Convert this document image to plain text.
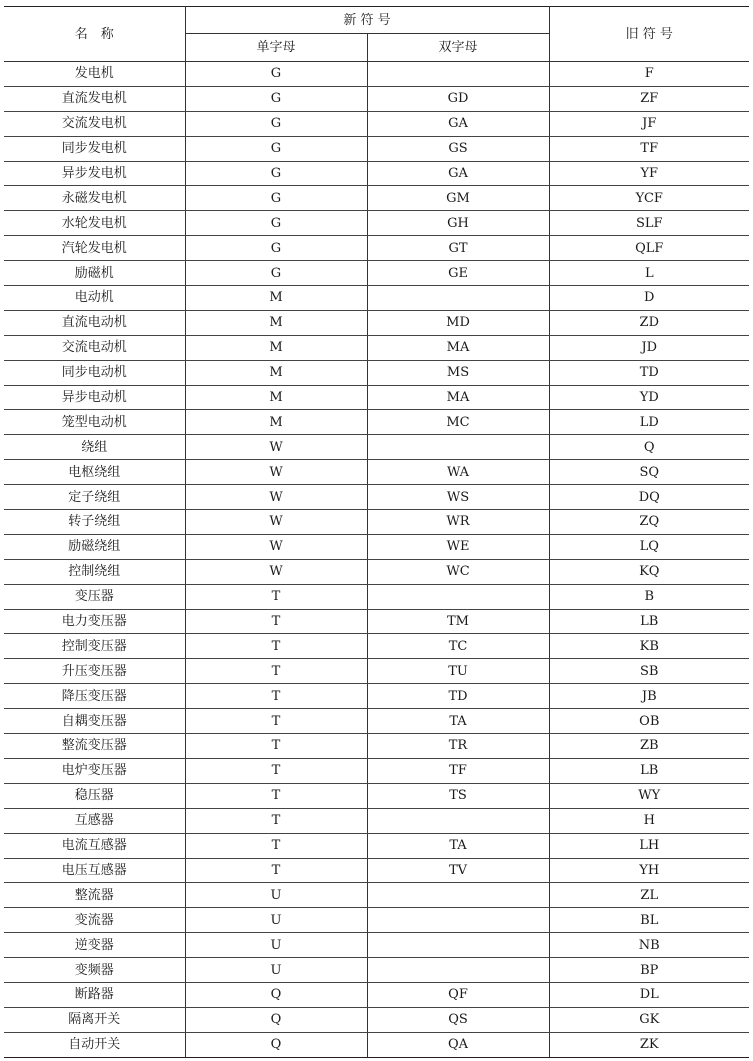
名　称	新 符 号		旧 符 号
	单字母	双字母	
发电机	G		F
直流发电机	G	GD	ZF
交流发电机	G	GA	JF
同步发电机	G	GS	TF
异步发电机	G	GA	YF
永磁发电机	G	GM	YCF
水轮发电机	G	GH	SLF
汽轮发电机	G	GT	QLF
励磁机	G	GE	L
电动机	M		D
直流电动机	M	MD	ZD
交流电动机	M	MA	JD
同步电动机	M	MS	TD
异步电动机	M	MA	YD
笼型电动机	M	MC	LD
绕组	W		Q
电枢绕组	W	WA	SQ
定子绕组	W	WS	DQ
转子绕组	W	WR	ZQ
励磁绕组	W	WE	LQ
控制绕组	W	WC	KQ
变压器	T		B
电力变压器	T	TM	LB
控制变压器	T	TC	KB
升压变压器	T	TU	SB
降压变压器	T	TD	JB
自耦变压器	T	TA	OB
整流变压器	T	TR	ZB
电炉变压器	T	TF	LB
稳压器	T	TS	WY
互感器	T		H
电流互感器	T	TA	LH
电压互感器	T	TV	YH
整流器	U		ZL
变流器	U		BL
逆变器	U		NB
变频器	U		BP
断路器	Q	QF	DL
隔离开关	Q	QS	GK
自动开关	Q	QA	ZK
